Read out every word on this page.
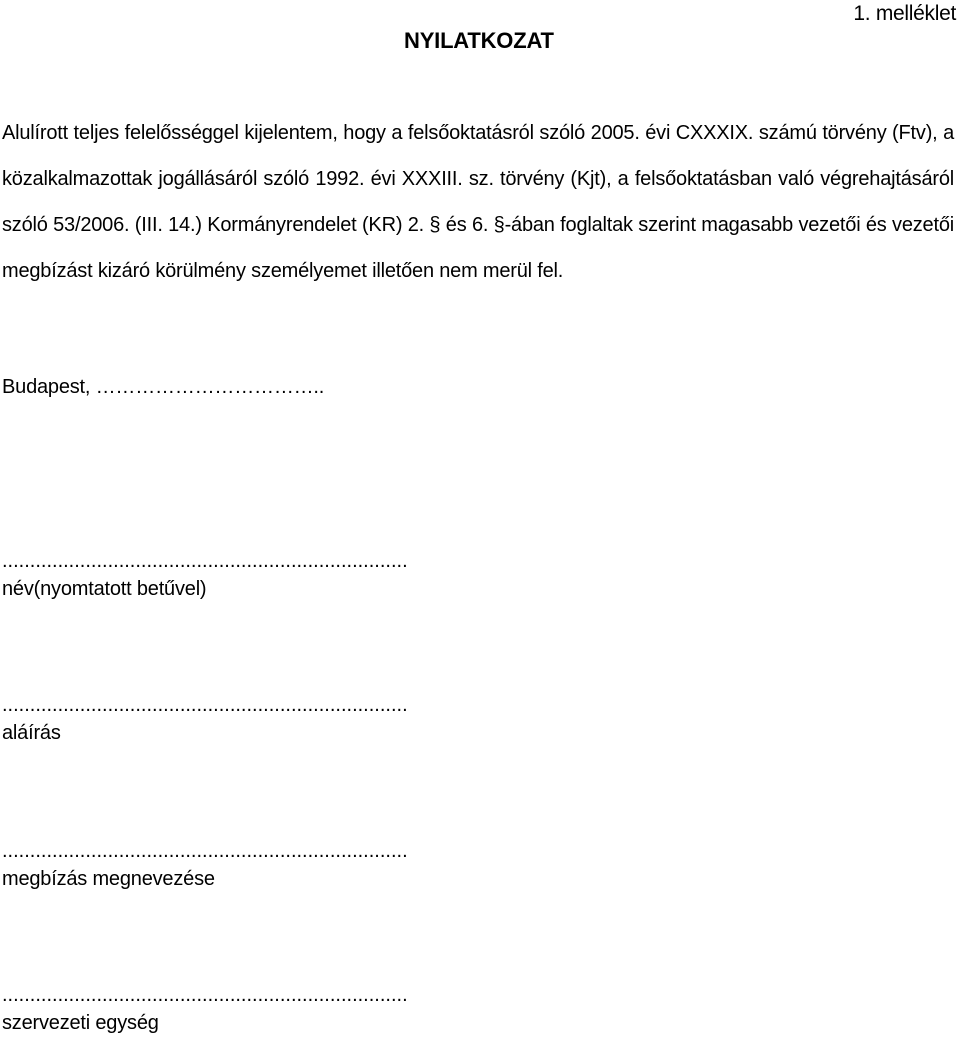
1. melléklet
NYILATKOZAT

Alulírott teljes felelősséggel kijelentem, hogy a felsőoktatásról szóló 2005. évi CXXXIX. számú törvény (Ftv), a közalkalmazottak jogállásáról szóló 1992. évi XXXIII. sz. törvény (Kjt), a felsőoktatásban való végrehajtásáról szóló 53/2006. (III. 14.) Kormányrendelet (KR) 2. § és 6. §-ában foglaltak szerint magasabb vezetői és vezetői megbízást kizáró körülmény személyemet illetően nem merül fel.

Budapest, ……………………………..
.........................................................................
név(nyomtatott betűvel)
.........................................................................
aláírás
.........................................................................
megbízás megnevezése
.........................................................................
szervezeti egység
